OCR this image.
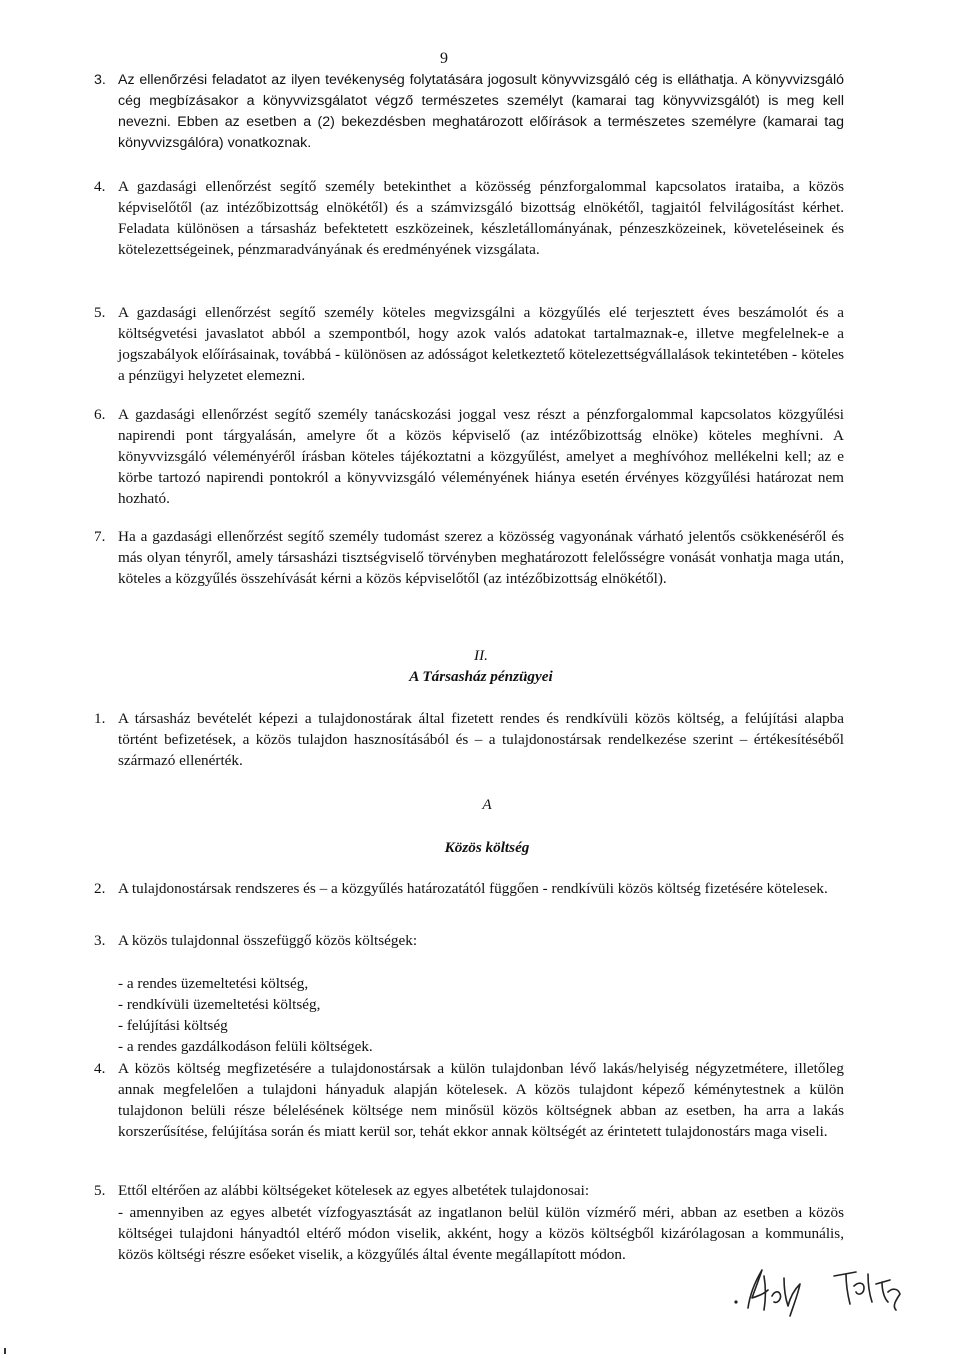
9
3. Az ellenőrzési feladatot az ilyen tevékenység folytatására jogosult könyvvizsgáló cég is elláthatja. A könyvvizsgáló cég megbízásakor a könyvvizsgálatot végző természetes személyt (kamarai tag könyvvizsgálót) is meg kell nevezni. Ebben az esetben a (2) bekezdésben meghatározott előírások a természetes személyre (kamarai tag könyvvizsgálóra) vonatkoznak.
4. A gazdasági ellenőrzést segítő személy betekinthet a közösség pénzforgalommal kapcsolatos irataiba, a közös képviselőtől (az intézőbizottság elnökétől) és a számvizsgáló bizottság elnökétől, tagjaitól felvilágosítást kérhet. Feladata különösen a társasház befektetett eszközeinek, készletállományának, pénzeszközeinek, követeléseinek és kötelezettségeinek, pénzmaradványának és eredményének vizsgálata.
5. A gazdasági ellenőrzést segítő személy köteles megvizsgálni a közgyűlés elé terjesztett éves beszámolót és a költségvetési javaslatot abból a szempontból, hogy azok valós adatokat tartalmaznak-e, illetve megfelelnek-e a jogszabályok előírásainak, továbbá - különösen az adósságot keletkeztető kötelezettségvállalások tekintetében - köteles a pénzügyi helyzetet elemezni.
6. A gazdasági ellenőrzést segítő személy tanácskozási joggal vesz részt a pénzforgalommal kapcsolatos közgyűlési napirendi pont tárgyalásán, amelyre őt a közös képviselő (az intézőbizottság elnöke) köteles meghívni. A könyvvizsgáló véleményéről írásban köteles tájékoztatni a közgyűlést, amelyet a meghívóhoz mellékelni kell; az e körbe tartozó napirendi pontokról a könyvvizsgáló véleményének hiánya esetén érvényes közgyűlési határozat nem hozható.
7. Ha a gazdasági ellenőrzést segítő személy tudomást szerez a közösség vagyonának várható jelentős csökkenéséről és más olyan tényről, amely társasházi tisztségviselő törvényben meghatározott felelősségre vonását vonhatja maga után, köteles a közgyűlés összehívását kérni a közös képviselőtől (az intézőbizottság elnökétől).
II.
A Társasház pénzügyei
1. A társasház bevételét képezi a tulajdonostárak által fizetett rendes és rendkívüli közös költség, a felújítási alapba történt befizetések, a közös tulajdon hasznosításából és – a tulajdonostársak rendelkezése szerint – értékesítéséből származó ellenérték.
A
Közös költség
2. A tulajdonostársak rendszeres és – a közgyűlés határozatától függően - rendkívüli közös költség fizetésére kötelesek.
3. A közös tulajdonnal összefüggő közös költségek:
- a rendes üzemeltetési költség,
- rendkívüli üzemeltetési költség,
- felújítási költség
- a rendes gazdálkodáson felüli költségek.
4. A közös költség megfizetésére a tulajdonostársak a külön tulajdonban lévő lakás/helyiség négyzetmétere, illetőleg annak megfelelően a tulajdoni hányaduk alapján kötelesek. A közös tulajdont képező kéménytestnek a külön tulajdonon belüli része bélelésének költsége nem minősül közös költségnek abban az esetben, ha arra a lakás korszerűsítése, felújítása során és miatt kerül sor, tehát ekkor annak költségét az érintetett tulajdonostárs maga viseli.
5. Ettől eltérően az alábbi költségeket kötelesek az egyes albetétek tulajdonosai:
- amennyiben az egyes albetét vízfogyasztását az ingatlanon belül külön vízmérő méri, abban az esetben a közös költségei tulajdoni hányadtól eltérő módon viselik, akként, hogy a közös költségből kizárólagosan a kommunális, közös költségi részre esőeket viselik, a közgyűlés által évente megállapított módon.
